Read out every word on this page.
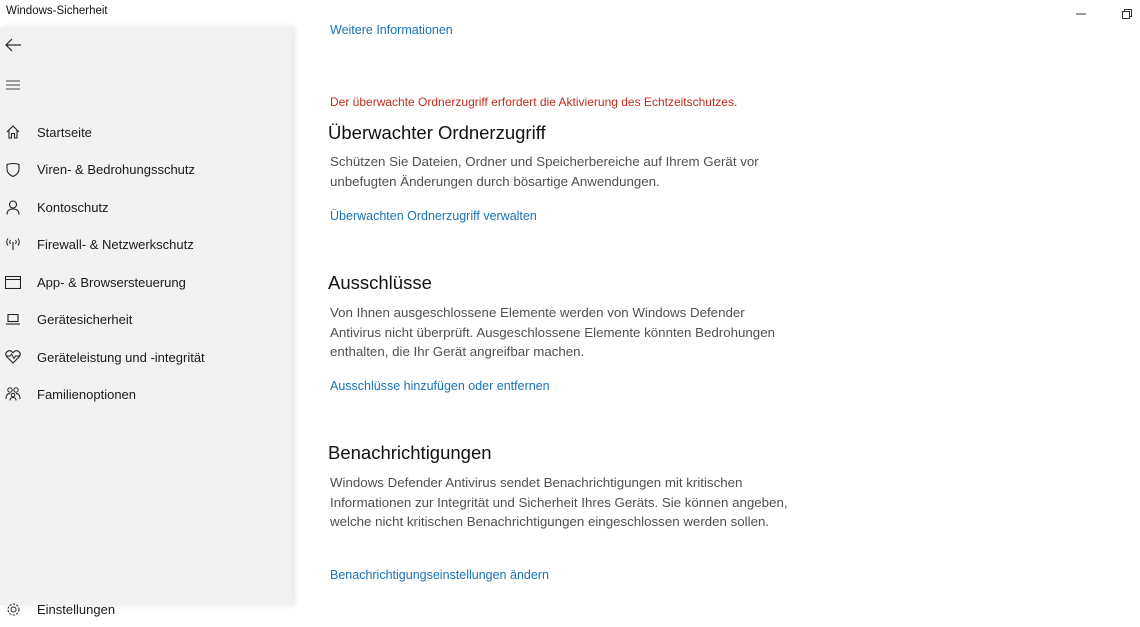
Windows-Sicherheit
Startseite
Viren- & Bedrohungsschutz
Kontoschutz
Firewall- & Netzwerkschutz
App- & Browsersteuerung
Gerätesicherheit
Geräteleistung und -integrität
Familienoptionen
Einstellungen
Weitere Informationen
Der überwachte Ordnerzugriff erfordert die Aktivierung des Echtzeitschutzes.
Überwachter Ordnerzugriff

Schützen Sie Dateien, Ordner und Speicherbereiche auf Ihrem Gerät vor unbefugten Änderungen durch bösartige Anwendungen.

Überwachten Ordnerzugriff verwalten
Ausschlüsse

Von Ihnen ausgeschlossene Elemente werden von Windows Defender Antivirus nicht überprüft. Ausgeschlossene Elemente könnten Bedrohungen enthalten, die Ihr Gerät angreifbar machen.

Ausschlüsse hinzufügen oder entfernen
Benachrichtigungen

Windows Defender Antivirus sendet Benachrichtigungen mit kritischen Informationen zur Integrität und Sicherheit Ihres Geräts. Sie können angeben, welche nicht kritischen Benachrichtigungen eingeschlossen werden sollen.

Benachrichtigungseinstellungen ändern
